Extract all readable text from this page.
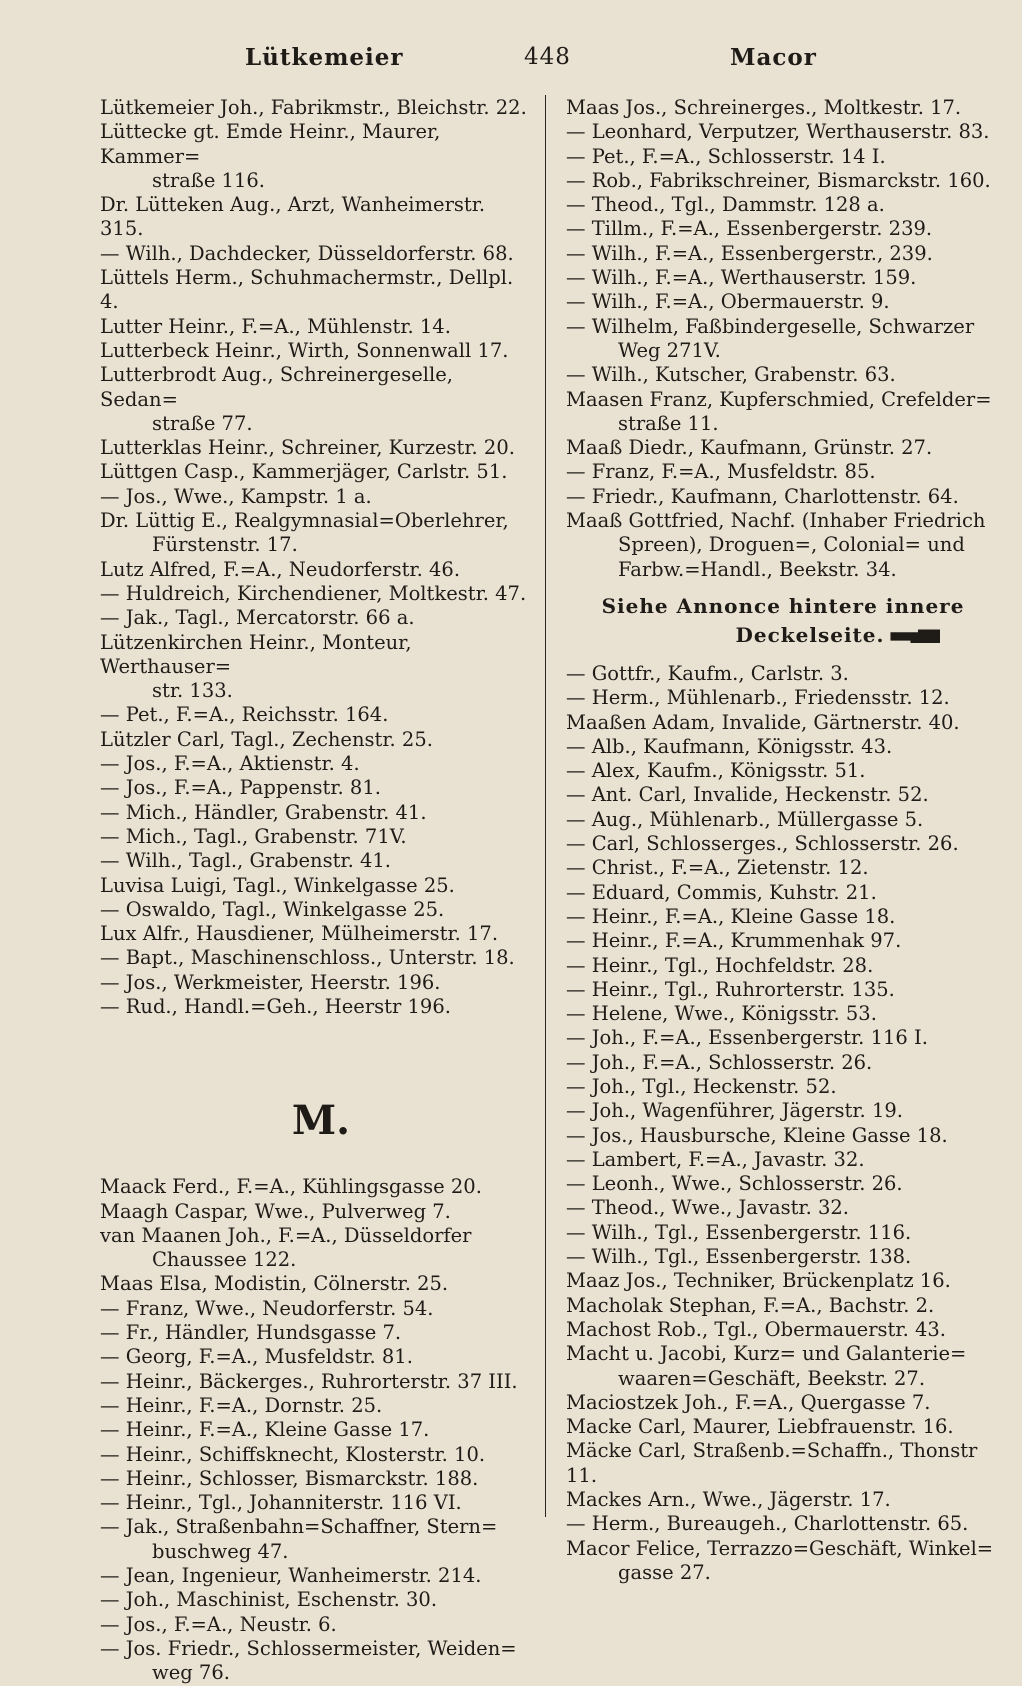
Lütkemeier	448	Macor
Lütkemeier Joh., Fabrikmstr., Bleichstr. 22.
Lüttecke gt. Emde Heinr., Maurer, Kammer=
straße 116.
Dr. Lütteken Aug., Arzt, Wanheimerstr. 315.
— Wilh., Dachdecker, Düsseldorferstr. 68.
Lüttels Herm., Schuhmachermstr., Dellpl. 4.
Lutter Heinr., F.=A., Mühlenstr. 14.
Lutterbeck Heinr., Wirth, Sonnenwall 17.
Lutterbrodt Aug., Schreinergeselle, Sedan=
straße 77.
Lutterklas Heinr., Schreiner, Kurzestr. 20.
Lüttgen Casp., Kammerjäger, Carlstr. 51.
— Jos., Wwe., Kampstr. 1 a.
Dr. Lüttig E., Realgymnasial=Oberlehrer,
Fürstenstr. 17.
Lutz Alfred, F.=A., Neudorferstr. 46.
— Huldreich, Kirchendiener, Moltkestr. 47.
— Jak., Tagl., Mercatorstr. 66 a.
Lützenkirchen Heinr., Monteur, Werthauser=
str. 133.
— Pet., F.=A., Reichsstr. 164.
Lützler Carl, Tagl., Zechenstr. 25.
— Jos., F.=A., Aktienstr. 4.
— Jos., F.=A., Pappenstr. 81.
— Mich., Händler, Grabenstr. 41.
— Mich., Tagl., Grabenstr. 71V.
— Wilh., Tagl., Grabenstr. 41.
Luvisa Luigi, Tagl., Winkelgasse 25.
— Oswaldo, Tagl., Winkelgasse 25.
Lux Alfr., Hausdiener, Mülheimerstr. 17.
— Bapt., Maschinenschloss., Unterstr. 18.
— Jos., Werkmeister, Heerstr. 196.
— Rud., Handl.=Geh., Heerstr 196.
M.
Maack Ferd., F.=A., Kühlingsgasse 20.
Maagh Caspar, Wwe., Pulverweg 7.
van Maanen Joh., F.=A., Düsseldorfer
Chaussee 122.
Maas Elsa, Modistin, Cölnerstr. 25.
— Franz, Wwe., Neudorferstr. 54.
— Fr., Händler, Hundsgasse 7.
— Georg, F.=A., Musfeldstr. 81.
— Heinr., Bäckerges., Ruhrorterstr. 37 III.
— Heinr., F.=A., Dornstr. 25.
— Heinr., F.=A., Kleine Gasse 17.
— Heinr., Schiffsknecht, Klosterstr. 10.
— Heinr., Schlosser, Bismarckstr. 188.
— Heinr., Tgl., Johanniterstr. 116 VI.
— Jak., Straßenbahn=Schaffner, Stern=
buschweg 47.
— Jean, Ingenieur, Wanheimerstr. 214.
— Joh., Maschinist, Eschenstr. 30.
— Jos., F.=A., Neustr. 6.
— Jos. Friedr., Schlossermeister, Weiden=
weg 76.
Maas Jos., Schreinerges., Moltkestr. 17.
— Leonhard, Verputzer, Werthauserstr. 83.
— Pet., F.=A., Schlosserstr. 14 I.
— Rob., Fabrikschreiner, Bismarckstr. 160.
— Theod., Tgl., Dammstr. 128 a.
— Tillm., F.=A., Essenbergerstr. 239.
— Wilh., F.=A., Essenbergerstr., 239.
— Wilh., F.=A., Werthauserstr. 159.
— Wilh., F.=A., Obermauerstr. 9.
— Wilhelm, Faßbindergeselle, Schwarzer
Weg 271V.
— Wilh., Kutscher, Grabenstr. 63.
Maasen Franz, Kupferschmied, Crefelder=
straße 11.
Maaß Diedr., Kaufmann, Grünstr. 27.
— Franz, F.=A., Musfeldstr. 85.
— Friedr., Kaufmann, Charlottenstr. 64.
Maaß Gottfried, Nachf. (Inhaber Friedrich
Spreen), Droguen=, Colonial= und
Farbw.=Handl., Beekstr. 34.
Siehe Annonce hintere innere
Deckelseite.
— Gottfr., Kaufm., Carlstr. 3.
— Herm., Mühlenarb., Friedensstr. 12.
Maaßen Adam, Invalide, Gärtnerstr. 40.
— Alb., Kaufmann, Königsstr. 43.
— Alex, Kaufm., Königsstr. 51.
— Ant. Carl, Invalide, Heckenstr. 52.
— Aug., Mühlenarb., Müllergasse 5.
— Carl, Schlosserges., Schlosserstr. 26.
— Christ., F.=A., Zietenstr. 12.
— Eduard, Commis, Kuhstr. 21.
— Heinr., F.=A., Kleine Gasse 18.
— Heinr., F.=A., Krummenhak 97.
— Heinr., Tgl., Hochfeldstr. 28.
— Heinr., Tgl., Ruhrorterstr. 135.
— Helene, Wwe., Königsstr. 53.
— Joh., F.=A., Essenbergerstr. 116 I.
— Joh., F.=A., Schlosserstr. 26.
— Joh., Tgl., Heckenstr. 52.
— Joh., Wagenführer, Jägerstr. 19.
— Jos., Hausbursche, Kleine Gasse 18.
— Lambert, F.=A., Javastr. 32.
— Leonh., Wwe., Schlosserstr. 26.
— Theod., Wwe., Javastr. 32.
— Wilh., Tgl., Essenbergerstr. 116.
— Wilh., Tgl., Essenbergerstr. 138.
Maaz Jos., Techniker, Brückenplatz 16.
Macholak Stephan, F.=A., Bachstr. 2.
Machost Rob., Tgl., Obermauerstr. 43.
Macht u. Jacobi, Kurz= und Galanterie=
waaren=Geschäft, Beekstr. 27.
Maciostzek Joh., F.=A., Quergasse 7.
Macke Carl, Maurer, Liebfrauenstr. 16.
Mäcke Carl, Straßenb.=Schaffn., Thonstr 11.
Mackes Arn., Wwe., Jägerstr. 17.
— Herm., Bureaugeh., Charlottenstr. 65.
Macor Felice, Terrazzo=Geschäft, Winkel=
gasse 27.
